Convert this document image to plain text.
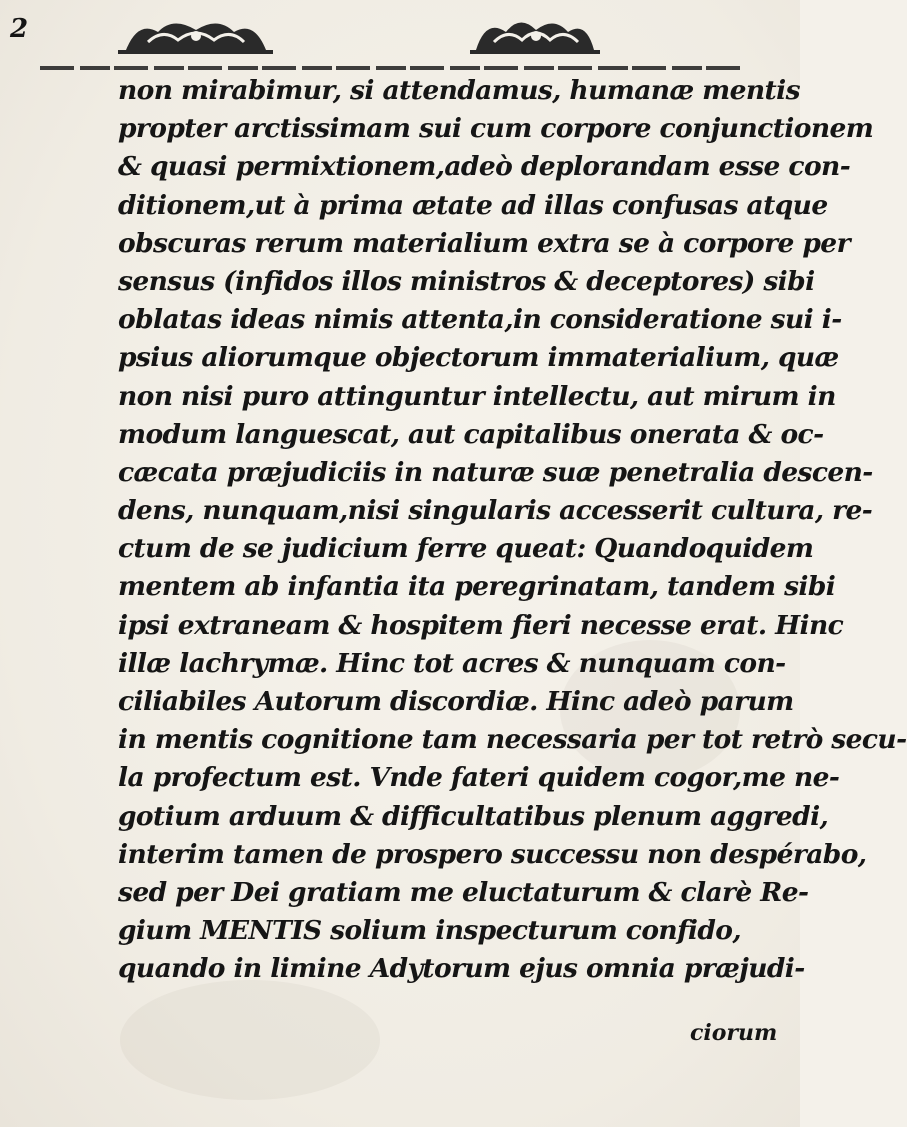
2
non mirabimur, si attendamus, humanæ mentis
propter arctissimam sui cum corpore conjunctionem
& quasi permixtionem,adeò deplorandam esse con-
ditionem,ut à prima ætate ad illas confusas atque
obscuras rerum materialium extra se à corpore per
sensus (infidos illos ministros & deceptores) sibi
oblatas ideas nimis attenta,in consideratione sui i-
psius aliorumque objectorum immaterialium, quæ
non nisi puro attinguntur intellectu, aut mirum in
modum languescat, aut capitalibus onerata & oc-
cæcata præjudiciis in naturæ suæ penetralia descen-
dens, nunquam,nisi singularis accesserit cultura, re-
ctum de se judicium ferre queat: Quandoquidem
mentem ab infantia ita peregrinatam, tandem sibi
ipsi extraneam & hospitem fieri necesse erat. Hinc
illæ lachrymæ. Hinc tot acres & nunquam con-
ciliabiles Autorum discordiæ. Hinc adeò parum
in mentis cognitione tam necessaria per tot retrò secu-
la profectum est. Vnde fateri quidem cogor,me ne-
gotium arduum & difficultatibus plenum aggredi,
interim tamen de prospero successu non despérabo,
sed per Dei gratiam me eluctaturum & clarè Re-
gium MENTIS solium inspecturum confido,
quando in limine Adytorum ejus omnia præjudi-
ciorum
